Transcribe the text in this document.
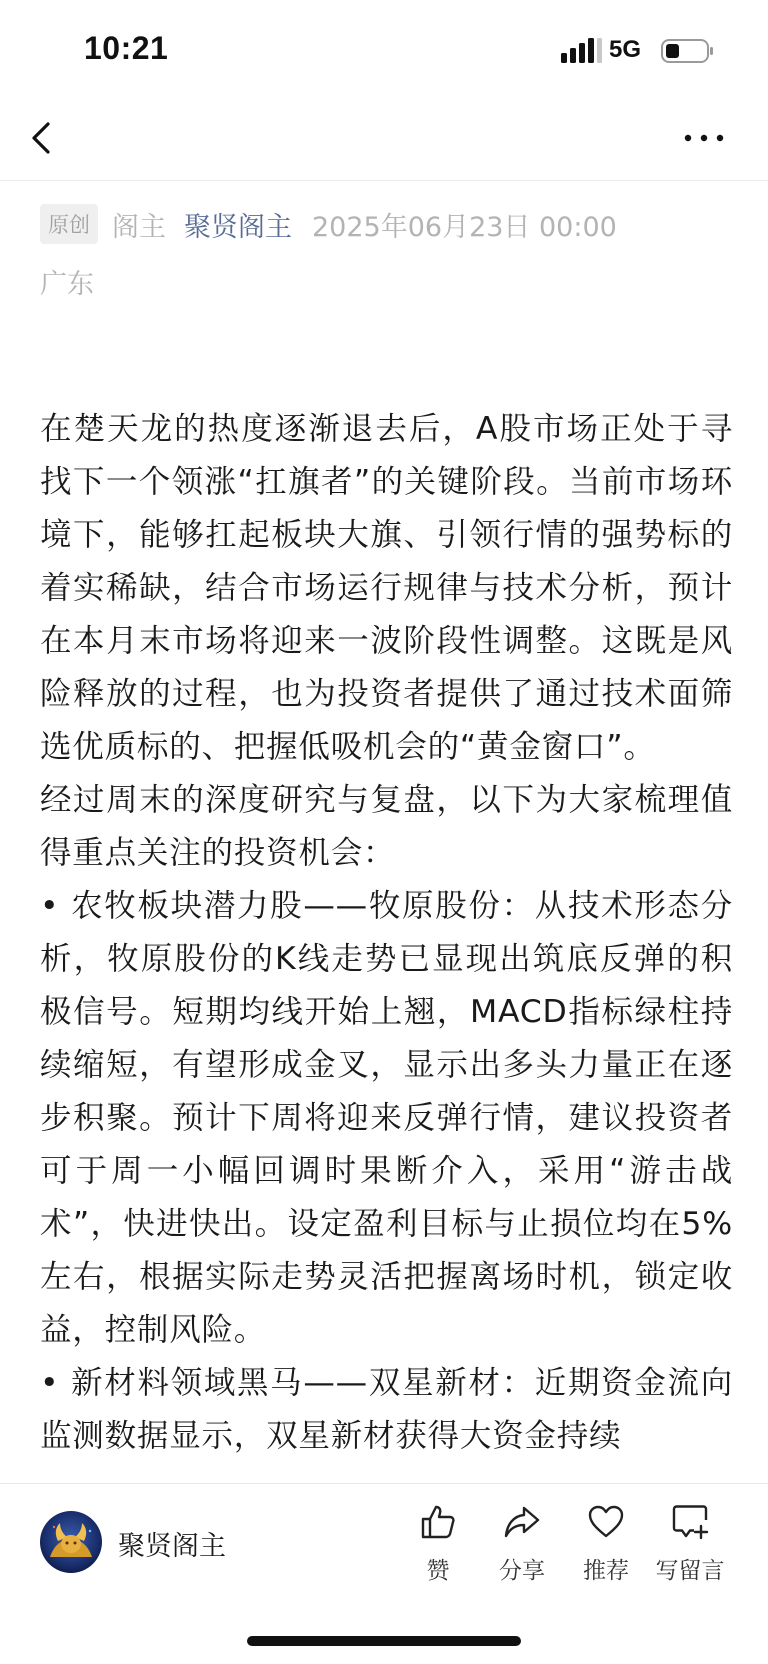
10:21	5G
原创 阁主 聚贤阁主 2025年06月23日 00:00
广东

在楚天龙的热度逐渐退去后，A股市场正处于寻找下一个领涨“扛旗者”的关键阶段。当前市场环境下，能够扛起板块大旗、引领行情的强势标的着实稀缺，结合市场运行规律与技术分析，预计在本月末市场将迎来一波阶段性调整。这既是风险释放的过程，也为投资者提供了通过技术面筛选优质标的、把握低吸机会的“黄金窗口”。

经过周末的深度研究与复盘，以下为大家梳理值得重点关注的投资机会：

• 农牧板块潜力股——牧原股份：从技术形态分析，牧原股份的K线走势已显现出筑底反弹的积极信号。短期均线开始上翘，MACD指标绿柱持续缩短，有望形成金叉，显示出多头力量正在逐步积聚。预计下周将迎来反弹行情，建议投资者可于周一小幅回调时果断介入，采用“游击战术”，快进快出。设定盈利目标与止损位均在5%左右，根据实际走势灵活把握离场时机，锁定收益，控制风险。

• 新材料领域黑马——双星新材：近期资金流向监测数据显示，双星新材获得大资金持续

聚贤阁主
赞	分享	推荐	写留言
